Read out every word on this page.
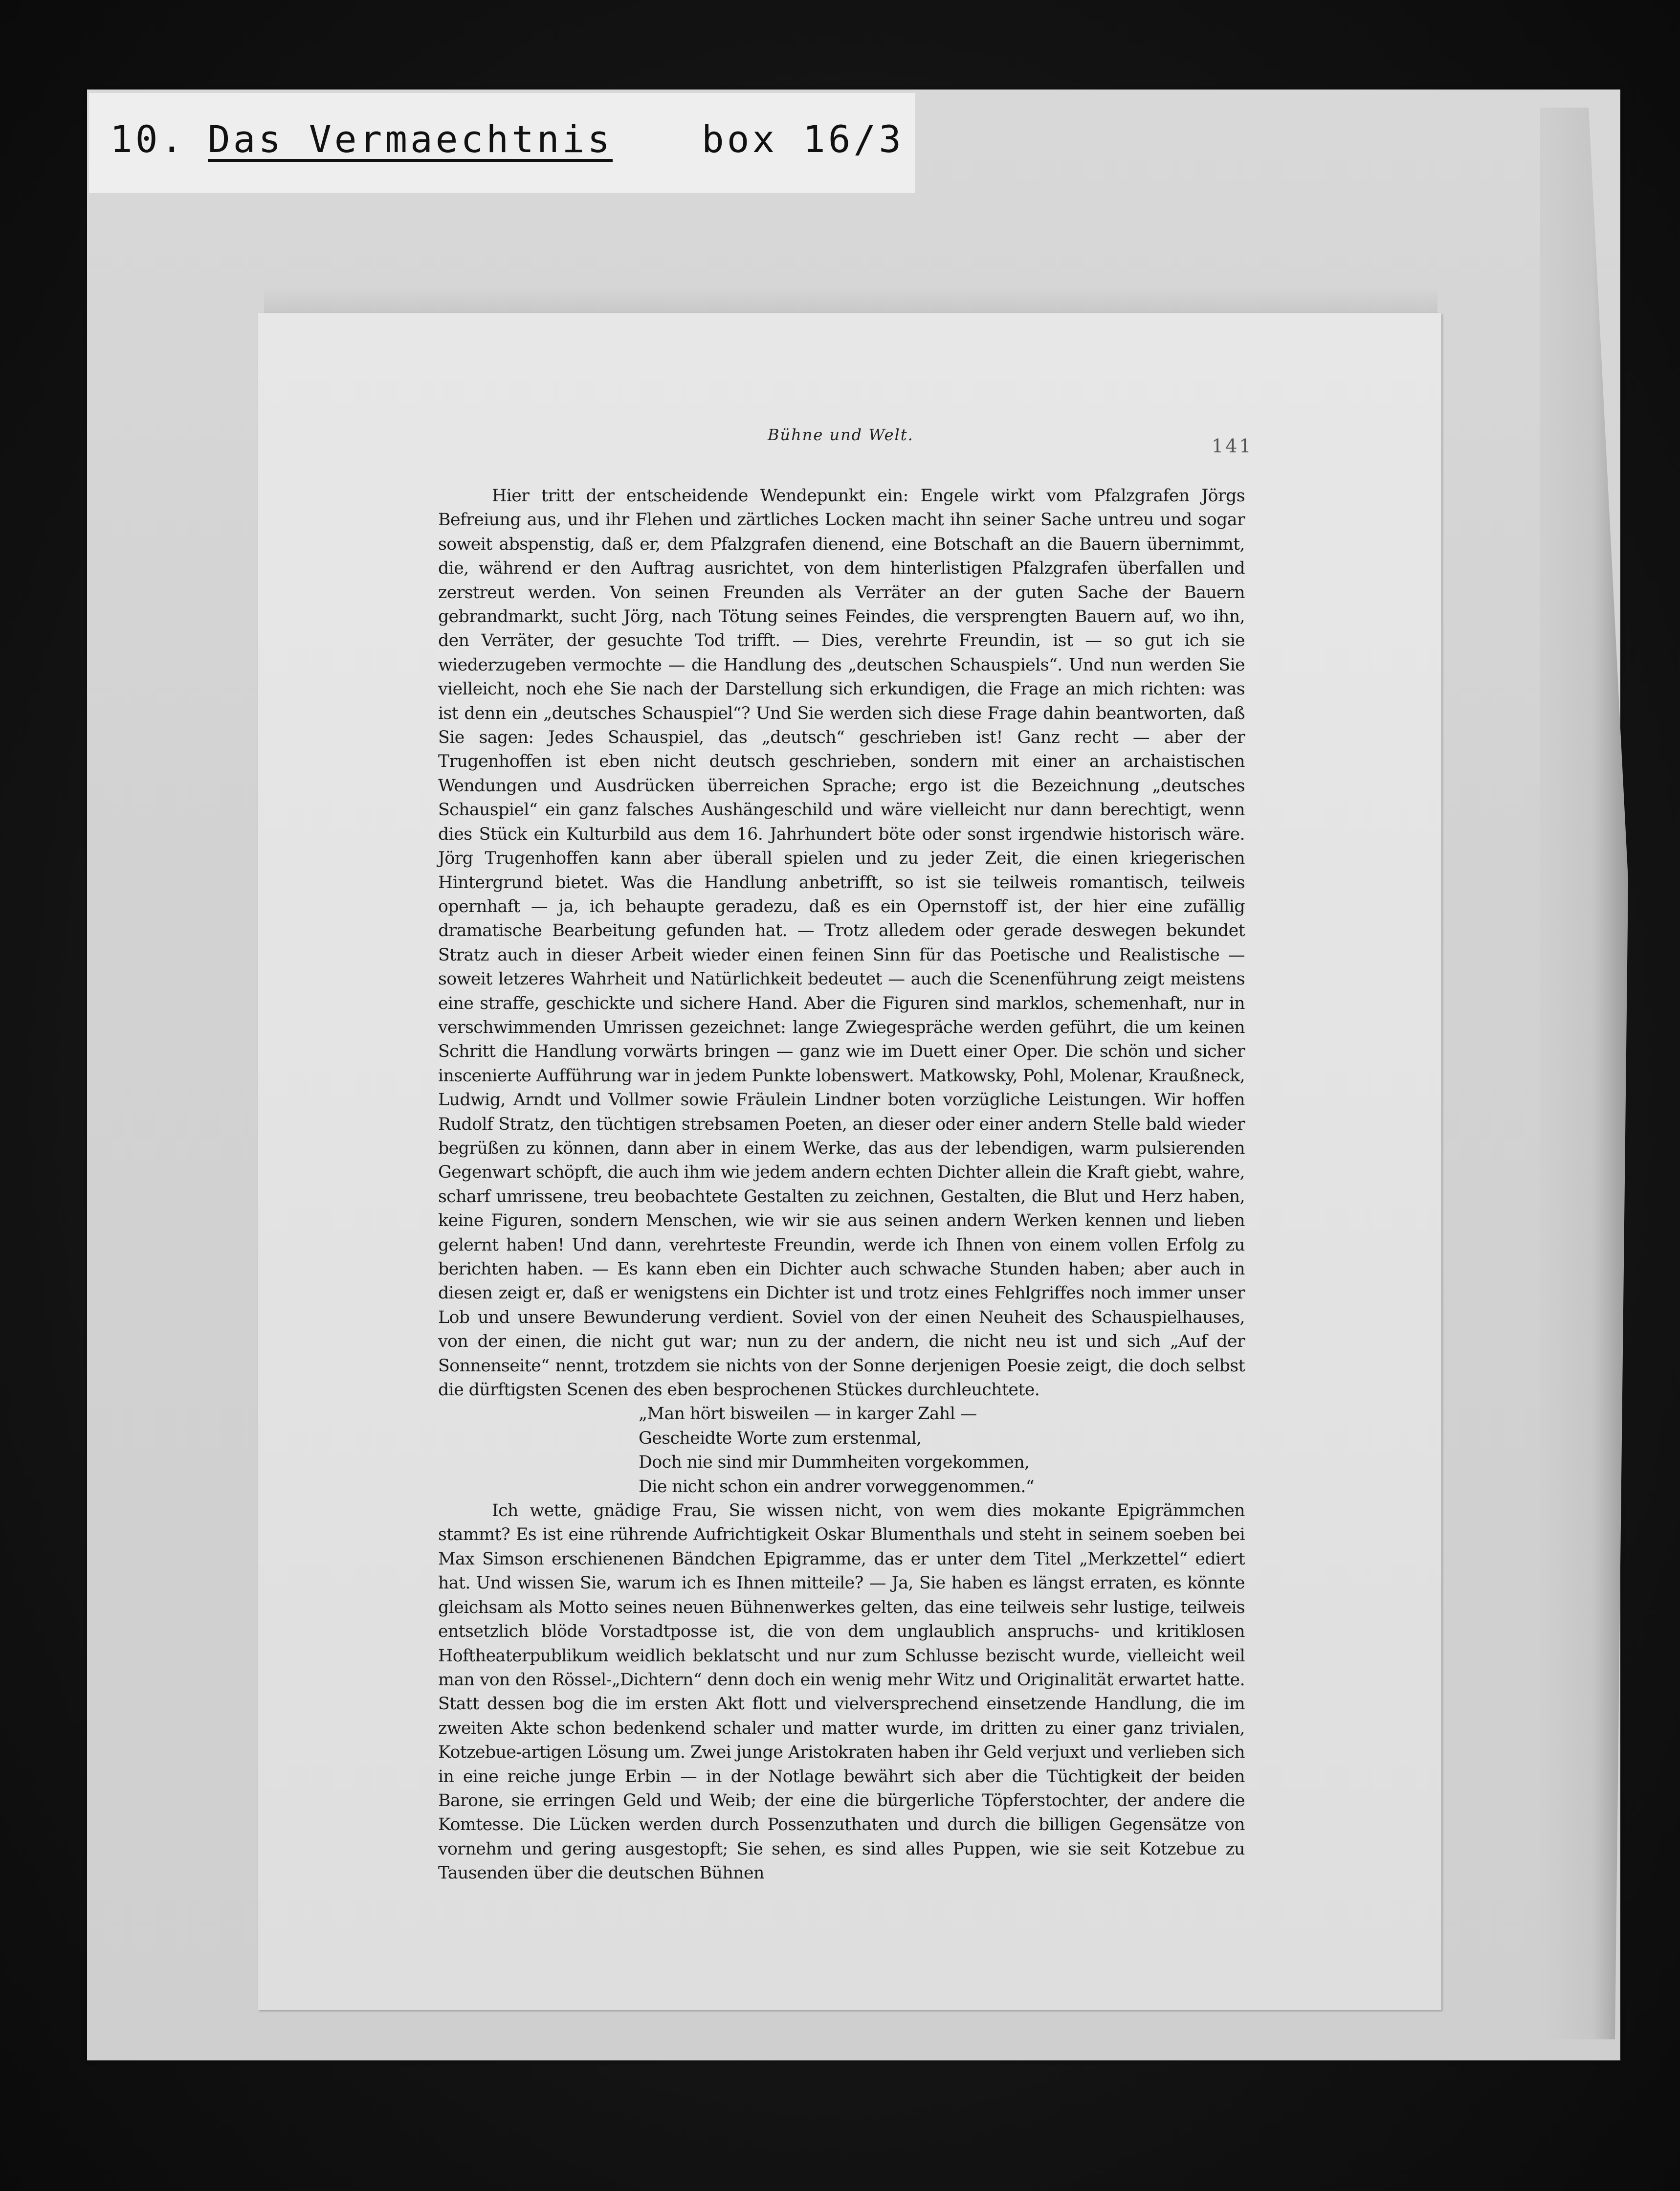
10. Das Vermaechtnis box 16/3
Bühne und Welt.
141

Hier tritt der entscheidende Wendepunkt ein: Engele wirkt vom Pfalzgrafen Jörgs Befreiung aus, und ihr Flehen und zärtliches Locken macht ihn seiner Sache untreu und sogar soweit abspenstig, daß er, dem Pfalzgrafen dienend, eine Botschaft an die Bauern übernimmt, die, während er den Auftrag ausrichtet, von dem hinterlistigen Pfalzgrafen überfallen und zerstreut werden. Von seinen Freunden als Verräter an der guten Sache der Bauern gebrandmarkt, sucht Jörg, nach Tötung seines Feindes, die versprengten Bauern auf, wo ihn, den Verräter, der gesuchte Tod trifft. — Dies, verehrte Freundin, ist — so gut ich sie wiederzugeben vermochte — die Handlung des „deutschen Schauspiels“. Und nun werden Sie vielleicht, noch ehe Sie nach der Darstellung sich erkundigen, die Frage an mich richten: was ist denn ein „deutsches Schauspiel“? Und Sie werden sich diese Frage dahin beantworten, daß Sie sagen: Jedes Schauspiel, das „deutsch“ geschrieben ist! Ganz recht — aber der Trugenhoffen ist eben nicht deutsch geschrieben, sondern mit einer an archaistischen Wendungen und Ausdrücken überreichen Sprache; ergo ist die Bezeichnung „deutsches Schauspiel“ ein ganz falsches Aushängeschild und wäre vielleicht nur dann berechtigt, wenn dies Stück ein Kulturbild aus dem 16. Jahrhundert böte oder sonst irgendwie historisch wäre. Jörg Trugenhoffen kann aber überall spielen und zu jeder Zeit, die einen kriegerischen Hintergrund bietet. Was die Handlung anbetrifft, so ist sie teilweis romantisch, teilweis opernhaft — ja, ich behaupte geradezu, daß es ein Opernstoff ist, der hier eine zufällig dramatische Bearbeitung gefunden hat. — Trotz alledem oder gerade deswegen bekundet Stratz auch in dieser Arbeit wieder einen feinen Sinn für das Poetische und Realistische — soweit letzeres Wahrheit und Natürlichkeit bedeutet — auch die Scenenführung zeigt meistens eine straffe, geschickte und sichere Hand. Aber die Figuren sind marklos, schemenhaft, nur in verschwimmenden Umrissen gezeichnet: lange Zwiegespräche werden geführt, die um keinen Schritt die Handlung vorwärts bringen — ganz wie im Duett einer Oper. Die schön und sicher inscenierte Aufführung war in jedem Punkte lobenswert. Matkowsky, Pohl, Molenar, Kraußneck, Ludwig, Arndt und Vollmer sowie Fräulein Lindner boten vorzügliche Leistungen. Wir hoffen Rudolf Stratz, den tüchtigen strebsamen Poeten, an dieser oder einer andern Stelle bald wieder begrüßen zu können, dann aber in einem Werke, das aus der lebendigen, warm pulsierenden Gegenwart schöpft, die auch ihm wie jedem andern echten Dichter allein die Kraft giebt, wahre, scharf umrissene, treu beobachtete Gestalten zu zeichnen, Gestalten, die Blut und Herz haben, keine Figuren, sondern Menschen, wie wir sie aus seinen andern Werken kennen und lieben gelernt haben! Und dann, verehrteste Freundin, werde ich Ihnen von einem vollen Erfolg zu berichten haben. — Es kann eben ein Dichter auch schwache Stunden haben; aber auch in diesen zeigt er, daß er wenigstens ein Dichter ist und trotz eines Fehlgriffes noch immer unser Lob und unsere Bewunderung verdient. Soviel von der einen Neuheit des Schauspielhauses, von der einen, die nicht gut war; nun zu der andern, die nicht neu ist und sich „Auf der Sonnenseite“ nennt, trotzdem sie nichts von der Sonne derjenigen Poesie zeigt, die doch selbst die dürftigsten Scenen des eben besprochenen Stückes durchleuchtete.

„Man hört bisweilen — in karger Zahl —

Gescheidte Worte zum erstenmal,

Doch nie sind mir Dummheiten vorgekommen,

Die nicht schon ein andrer vorweggenommen.“

Ich wette, gnädige Frau, Sie wissen nicht, von wem dies mokante Epigrämmchen stammt? Es ist eine rührende Aufrichtigkeit Oskar Blumenthals und steht in seinem soeben bei Max Simson erschienenen Bändchen Epigramme, das er unter dem Titel „Merkzettel“ ediert hat. Und wissen Sie, warum ich es Ihnen mitteile? — Ja, Sie haben es längst erraten, es könnte gleichsam als Motto seines neuen Bühnenwerkes gelten, das eine teilweis sehr lustige, teilweis entsetzlich blöde Vorstadtposse ist, die von dem unglaublich anspruchs- und kritiklosen Hoftheaterpublikum weidlich beklatscht und nur zum Schlusse bezischt wurde, vielleicht weil man von den Rössel-„Dichtern“ denn doch ein wenig mehr Witz und Originalität erwartet hatte. Statt dessen bog die im ersten Akt flott und vielversprechend einsetzende Handlung, die im zweiten Akte schon bedenkend schaler und matter wurde, im dritten zu einer ganz trivialen, Kotzebue-artigen Lösung um. Zwei junge Aristokraten haben ihr Geld verjuxt und verlieben sich in eine reiche junge Erbin — in der Notlage bewährt sich aber die Tüchtigkeit der beiden Barone, sie erringen Geld und Weib; der eine die bürgerliche Töpferstochter, der andere die Komtesse. Die Lücken werden durch Possenzuthaten und durch die billigen Gegensätze von vornehm und gering ausgestopft; Sie sehen, es sind alles Puppen, wie sie seit Kotzebue zu Tausenden über die deutschen Bühnen
